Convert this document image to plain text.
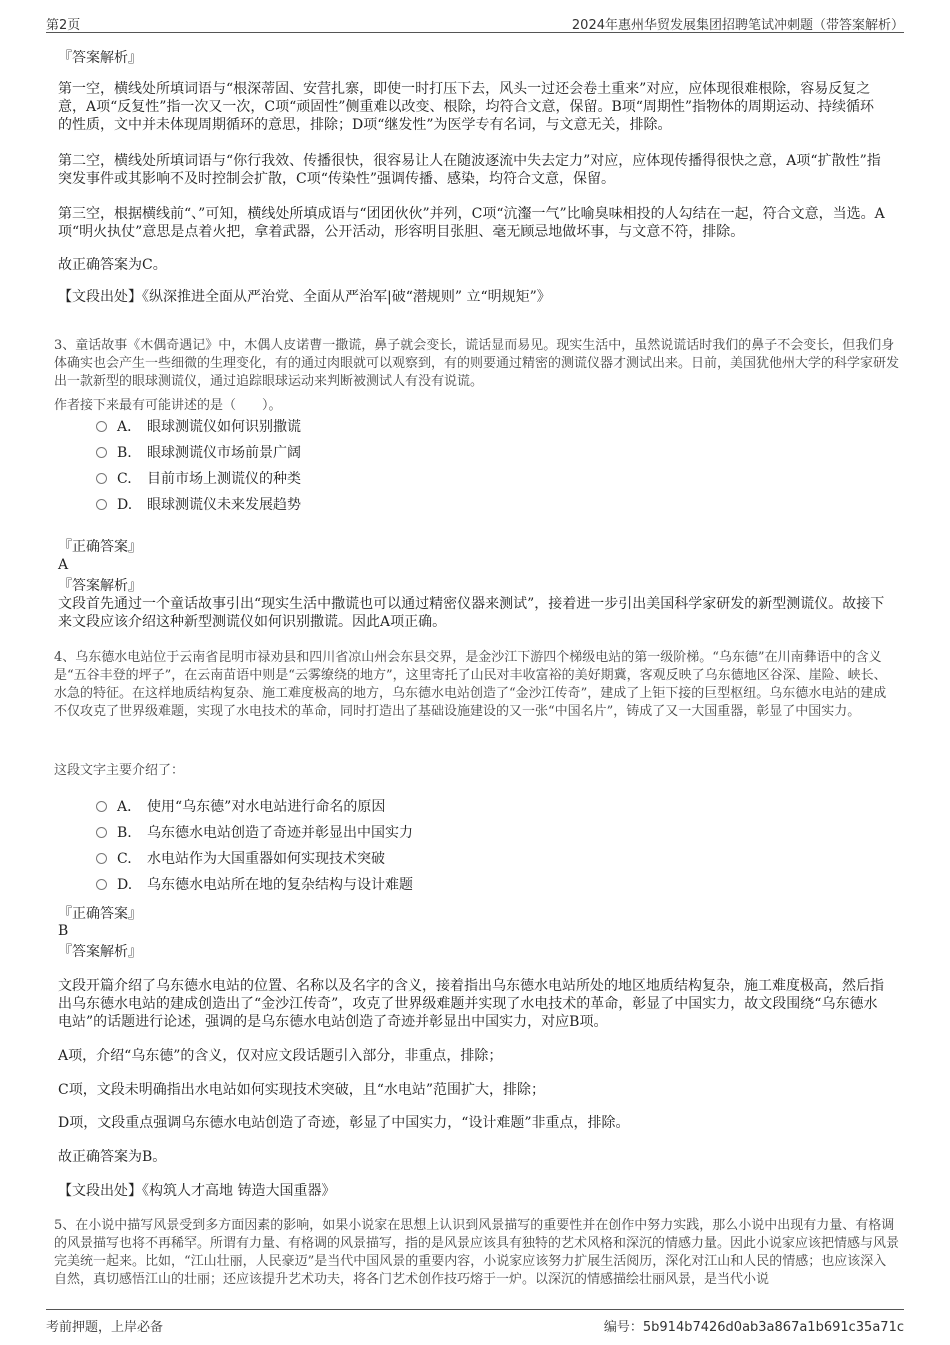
第2页	2024年惠州华贸发展集团招聘笔试冲刺题（带答案解析）
『答案解析』
第一空，横线处所填词语与“根深蒂固、安营扎寨，即使一时打压下去，风头一过还会卷土重来”对应，应体现很难根除，容易反复之意，A项“反复性”指一次又一次，C项“顽固性”侧重难以改变、根除，均符合文意，保留。B项“周期性”指物体的周期运动、持续循环的性质，文中并未体现周期循环的意思，排除；D项“继发性”为医学专有名词，与文意无关，排除。
第二空，横线处所填词语与“你行我效、传播很快，很容易让人在随波逐流中失去定力”对应，应体现传播得很快之意，A项“扩散性”指突发事件或其影响不及时控制会扩散，C项“传染性”强调传播、感染，均符合文意，保留。
第三空，根据横线前“、”可知，横线处所填成语与“团团伙伙”并列，C项“沆瀣一气”比喻臭味相投的人勾结在一起，符合文意，当选。A项“明火执仗”意思是点着火把，拿着武器，公开活动，形容明目张胆、毫无顾忌地做坏事，与文意不符，排除。
故正确答案为C。
【文段出处】《纵深推进全面从严治党、全面从严治军|破“潜规则” 立“明规矩”》
3、童话故事《木偶奇遇记》中，木偶人皮诺曹一撒谎，鼻子就会变长，谎话显而易见。现实生活中，虽然说谎话时我们的鼻子不会变长，但我们身体确实也会产生一些细微的生理变化，有的通过肉眼就可以观察到，有的则要通过精密的测谎仪器才测试出来。日前，美国犹他州大学的科学家研发出一款新型的眼球测谎仪，通过追踪眼球运动来判断被测试人有没有说谎。
作者接下来最有可能讲述的是（　　）。
A． 眼球测谎仪如何识别撒谎
B. 眼球测谎仪市场前景广阔
C. 目前市场上测谎仪的种类
D. 眼球测谎仪未来发展趋势
『正确答案』
A
『答案解析』
文段首先通过一个童话故事引出“现实生活中撒谎也可以通过精密仪器来测试”，接着进一步引出美国科学家研发的新型测谎仪。故接下来文段应该介绍这种新型测谎仪如何识别撒谎。因此A项正确。
4、乌东德水电站位于云南省昆明市禄劝县和四川省凉山州会东县交界，是金沙江下游四个梯级电站的第一级阶梯。“乌东德”在川南彝语中的含义是“五谷丰登的坪子”，在云南苗语中则是“云雾缭绕的地方”，这里寄托了山民对丰收富裕的美好期冀，客观反映了乌东德地区谷深、崖险、峡长、水急的特征。在这样地质结构复杂、施工难度极高的地方，乌东德水电站创造了“金沙江传奇”，建成了上钜下接的巨型枢纽。乌东德水电站的建成不仅攻克了世界级难题，实现了水电技术的革命，同时打造出了基础设施建设的又一张“中国名片”，铸成了又一大国重器，彰显了中国实力。
这段文字主要介绍了：
A． 使用“乌东德”对水电站进行命名的原因
B. 乌东德水电站创造了奇迹并彰显出中国实力
C. 水电站作为大国重器如何实现技术突破
D. 乌东德水电站所在地的复杂结构与设计难题
『正确答案』
B
『答案解析』
文段开篇介绍了乌东德水电站的位置、名称以及名字的含义，接着指出乌东德水电站所处的地区地质结构复杂，施工难度极高，然后指出乌东德水电站的建成创造出了“金沙江传奇”，攻克了世界级难题并实现了水电技术的革命，彰显了中国实力，故文段围绕“乌东德水电站”的话题进行论述，强调的是乌东德水电站创造了奇迹并彰显出中国实力，对应B项。
A项，介绍“乌东德”的含义，仅对应文段话题引入部分，非重点，排除；
C项，文段未明确指出水电站如何实现技术突破，且“水电站”范围扩大，排除；
D项，文段重点强调乌东德水电站创造了奇迹，彰显了中国实力，“设计难题”非重点，排除。
故正确答案为B。
【文段出处】《构筑人才高地 铸造大国重器》
5、在小说中描写风景受到多方面因素的影响，如果小说家在思想上认识到风景描写的重要性并在创作中努力实践，那么小说中出现有力量、有格调的风景描写也将不再稀罕。所谓有力量、有格调的风景描写，指的是风景应该具有独特的艺术风格和深沉的情感力量。因此小说家应该把情感与风景完美统一起来。比如，“江山壮丽，人民豪迈”是当代中国风景的重要内容，小说家应该努力扩展生活阅历，深化对江山和人民的情感；也应该深入自然，真切感悟江山的壮丽；还应该提升艺术功夫，将各门艺术创作技巧熔于一炉。以深沉的情感描绘壮丽风景，是当代小说
考前押题，上岸必备	编号：5b914b7426d0ab3a867a1b691c35a71c
